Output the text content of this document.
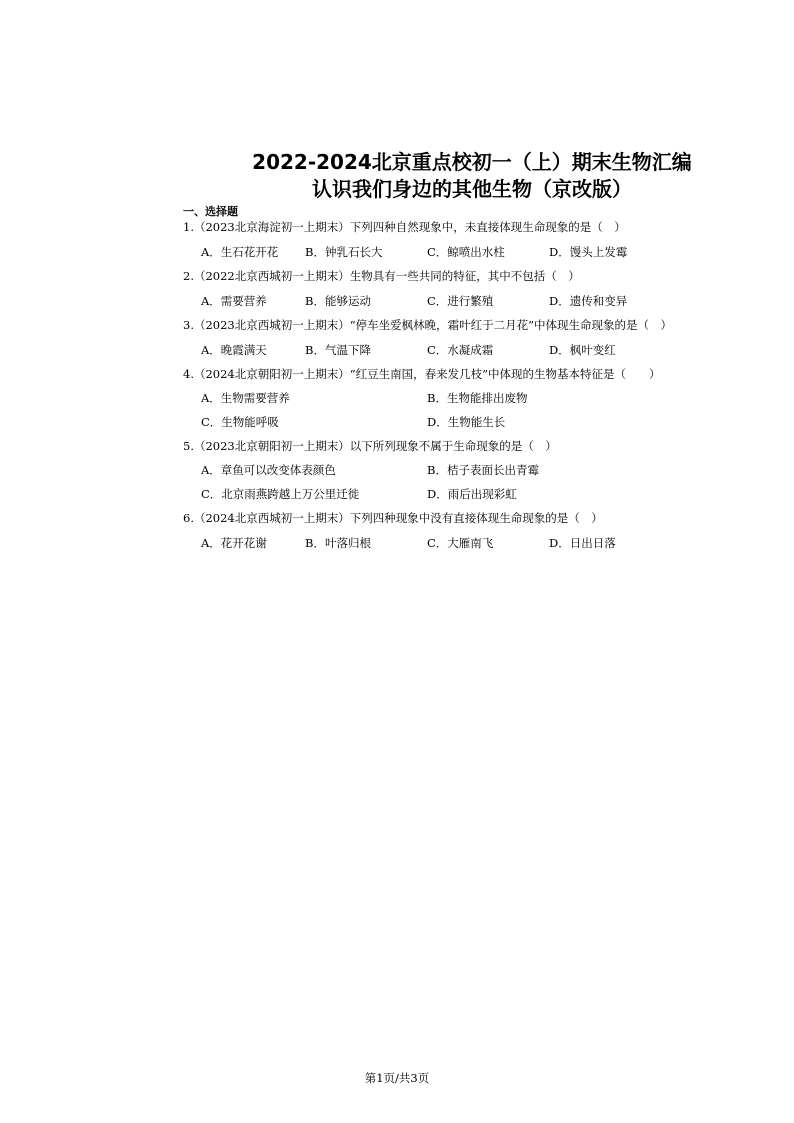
2022-2024北京重点校初一（上）期末生物汇编
认识我们身边的其他生物（京改版）
一、选择题
1.（2023北京海淀初一上期末）下列四种自然现象中，未直接体现生命现象的是（　）
A．生石花开花 B．钟乳石长大	C．鲸喷出水柱	D．馒头上发霉
2.（2022北京西城初一上期末）生物具有一些共同的特征，其中不包括（　）
A．需要营养	B．能够运动	C．进行繁殖	D．遗传和变异
3.（2023北京西城初一上期末）“停车坐爱枫林晚，霜叶红于二月花”中体现生命现象的是（　）
A．晚霞满天	B．气温下降	C．水凝成霜	D．枫叶变红
4.（2024北京朝阳初一上期末）“红豆生南国，春来发几枝”中体现的生物基本特征是（　　）
A．生物需要营养	B．生物能排出废物
C．生物能呼吸	D．生物能生长
5.（2023北京朝阳初一上期末）以下所列现象不属于生命现象的是（　）
A．章鱼可以改变体表颜色	B．桔子表面长出青霉
C．北京雨燕跨越上万公里迁徙	D．雨后出现彩虹
6.（2024北京西城初一上期末）下列四种现象中没有直接体现生命现象的是（　）
A．花开花谢	B．叶落归根	C．大雁南飞	D．日出日落
第1页/共3页
